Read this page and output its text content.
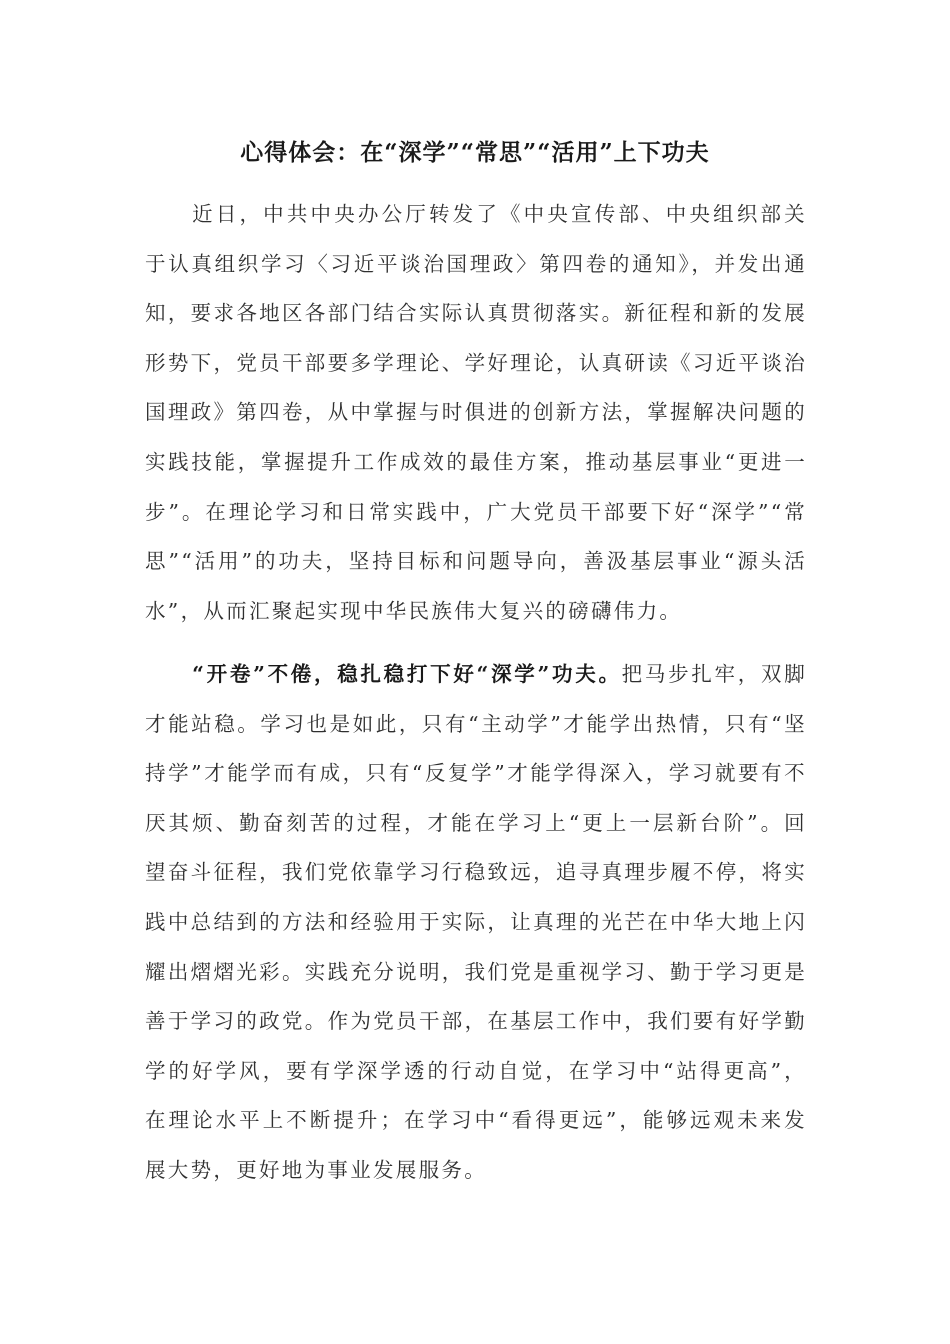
心得体会：在“深学”“常思”“活用”上下功夫

近日，中共中央办公厅转发了《中央宣传部、中央组织部关于认真组织学习〈习近平谈治国理政〉第四卷的通知》，并发出通知，要求各地区各部门结合实际认真贯彻落实。新征程和新的发展形势下，党员干部要多学理论、学好理论，认真研读《习近平谈治国理政》第四卷，从中掌握与时俱进的创新方法，掌握解决问题的实践技能，掌握提升工作成效的最佳方案，推动基层事业“更进一步”。在理论学习和日常实践中，广大党员干部要下好“深学”“常思”“活用”的功夫，坚持目标和问题导向，善汲基层事业“源头活水”，从而汇聚起实现中华民族伟大复兴的磅礴伟力。

“开卷”不倦，稳扎稳打下好“深学”功夫。把马步扎牢，双脚才能站稳。学习也是如此，只有“主动学”才能学出热情，只有“坚持学”才能学而有成，只有“反复学”才能学得深入，学习就要有不厌其烦、勤奋刻苦的过程，才能在学习上“更上一层新台阶”。回望奋斗征程，我们党依靠学习行稳致远，追寻真理步履不停，将实践中总结到的方法和经验用于实际，让真理的光芒在中华大地上闪耀出熠熠光彩。实践充分说明，我们党是重视学习、勤于学习更是善于学习的政党。作为党员干部，在基层工作中，我们要有好学勤学的好学风，要有学深学透的行动自觉，在学习中“站得更高”，在理论水平上不断提升；在学习中“看得更远”，能够远观未来发展大势，更好地为事业发展服务。
